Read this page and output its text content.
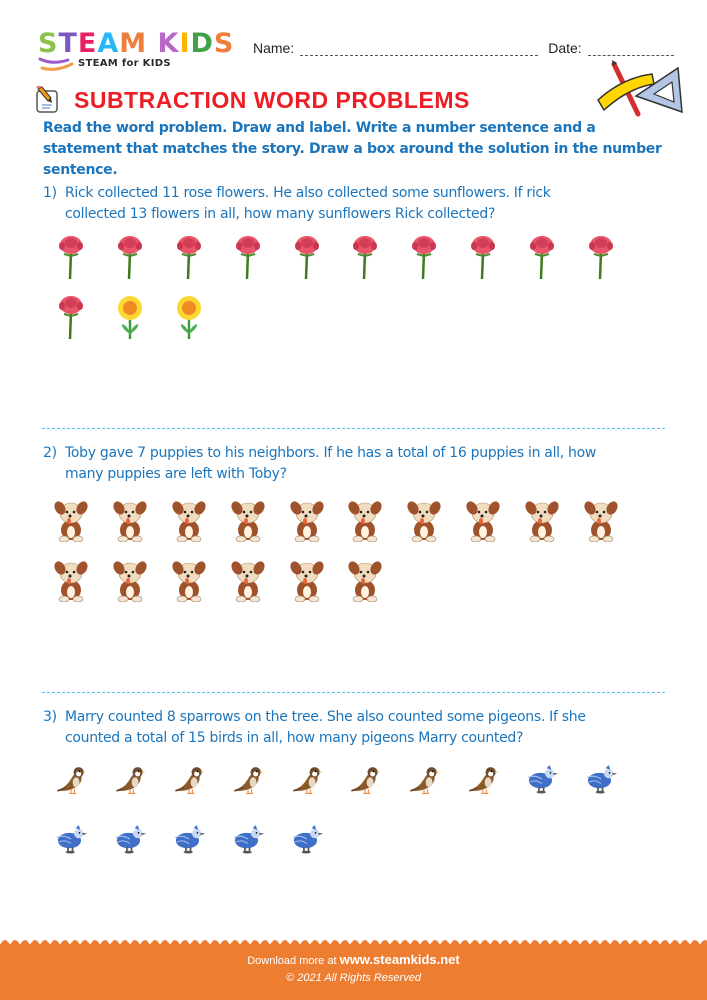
STEAM KIDS
STEAM for KIDS
Name:	Date:
SUBTRACTION WORD PROBLEMS
Read the word problem. Draw and label. Write a number sentence and a statement that matches the story. Draw a box around the solution in the number sentence.
1) Rick collected 11 rose flowers. He also collected some sunflowers. If rick
collected 13 flowers in all, how many sunflowers Rick collected?
2) Toby gave 7 puppies to his neighbors. If he has a total of 16 puppies in all, how
many puppies are left with Toby?
3) Marry counted 8 sparrows on the tree. She also counted some pigeons. If she
counted a total of 15 birds in all, how many pigeons Marry counted?
Download more at www.steamkids.net
© 2021 All Rights Reserved
